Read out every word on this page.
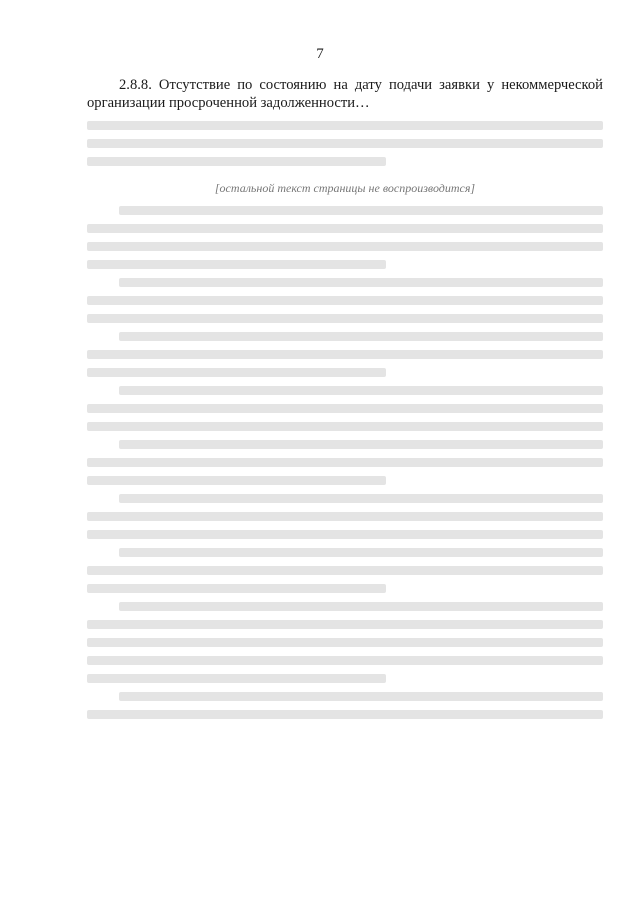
7

2.8.8. Отсутствие по состоянию на дату подачи заявки у некоммерческой организации просроченной задолженности…

[остальной текст страницы не воспроизводится]
